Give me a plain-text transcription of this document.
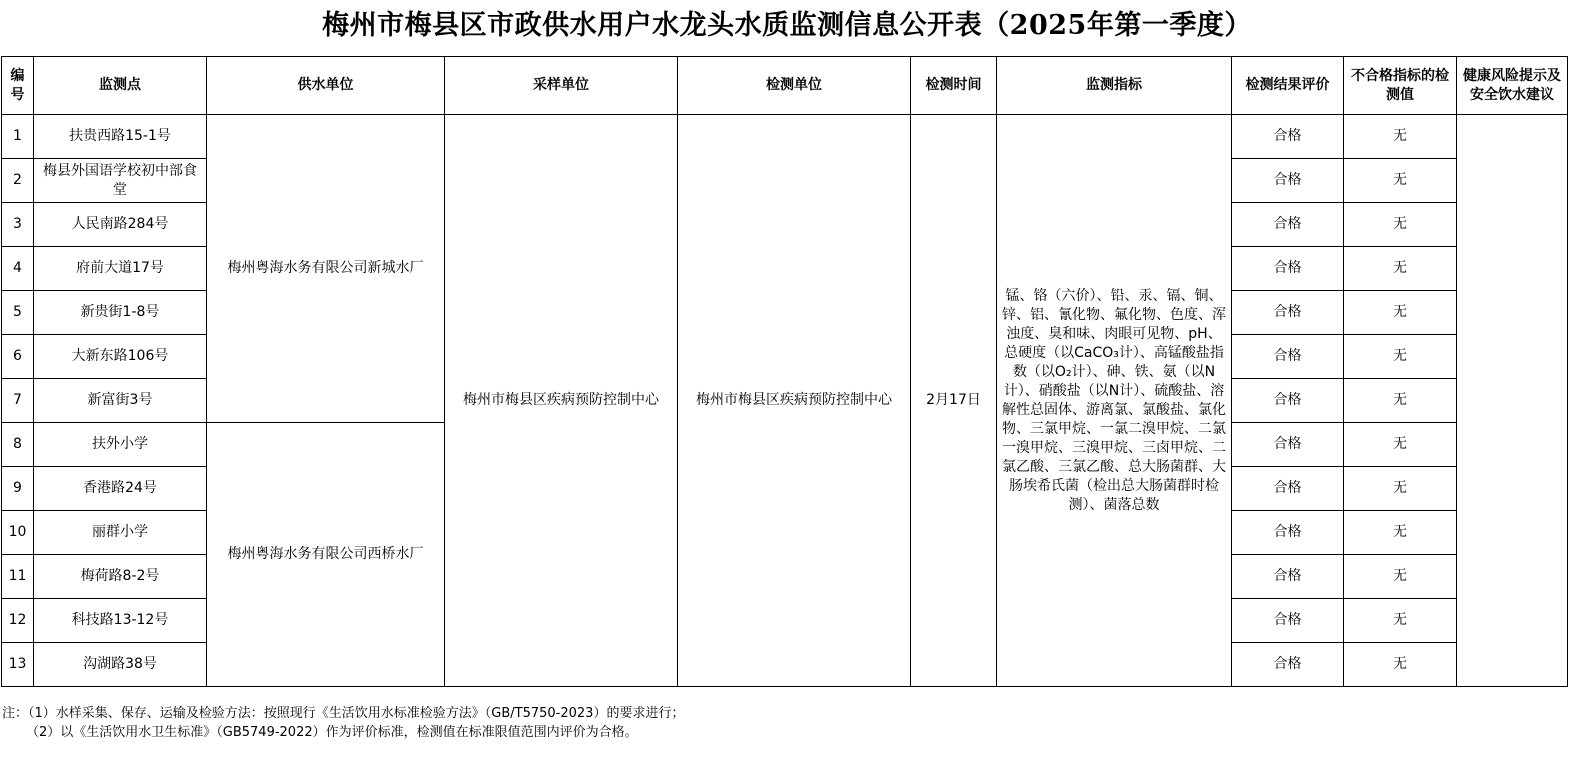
梅州市梅县区市政供水用户水龙头水质监测信息公开表（2025年第一季度）
编号	监测点	供水单位	采样单位	检测单位	检测时间	监测指标	检测结果评价	不合格指标的检测值	健康风险提示及安全饮水建议
1	扶贵西路15-1号	梅州粤海水务有限公司新城水厂	梅州市梅县区疾病预防控制中心	梅州市梅县区疾病预防控制中心	2月17日	锰、铬（六价）、铅、汞、镉、铜、锌、铝、氰化物、氟化物、色度、浑浊度、臭和味、肉眼可见物、pH、总硬度（以CaCO₃计）、高锰酸盐指数（以O₂计）、砷、铁、氨（以N计）、硝酸盐（以N计）、硫酸盐、溶解性总固体、游离氯、氯酸盐、氯化物、三氯甲烷、一氯二溴甲烷、二氯一溴甲烷、三溴甲烷、三卤甲烷、二氯乙酸、三氯乙酸、总大肠菌群、大肠埃希氏菌（检出总大肠菌群时检测）、菌落总数	合格	无	
2	梅县外国语学校初中部食堂						合格	无	
3	人民南路284号						合格	无	
4	府前大道17号						合格	无	
5	新贵街1-8号						合格	无	
6	大新东路106号						合格	无	
7	新富街3号						合格	无	
8	扶外小学	梅州粤海水务有限公司西桥水厂					合格	无	
9	香港路24号						合格	无	
10	丽群小学						合格	无	
11	梅荷路8-2号						合格	无	
12	科技路13-12号						合格	无	
13	沟湖路38号						合格	无	
注：（1）水样采集、保存、运输及检验方法：按照现行《生活饮用水标准检验方法》（GB/T5750-2023）的要求进行；
（2）以《生活饮用水卫生标准》（GB5749-2022）作为评价标准，检测值在标准限值范围内评价为合格。
